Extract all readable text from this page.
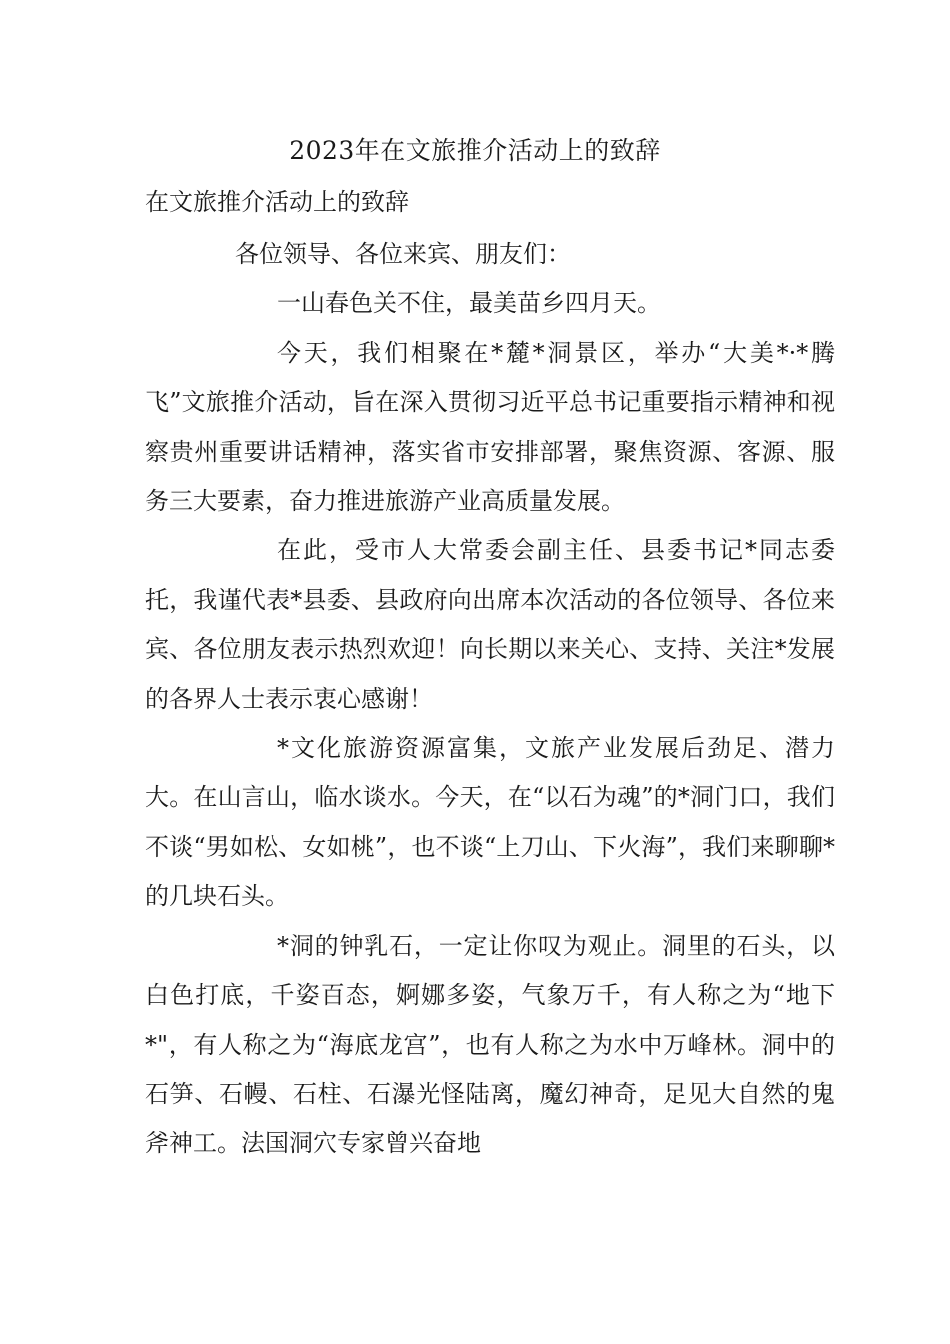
2023年在文旅推介活动上的致辞

在文旅推介活动上的致辞

各位领导、各位来宾、朋友们：

一山春色关不住，最美苗乡四月天。

今天，我们相聚在*麓*洞景区，举办“大美*·*腾飞”文旅推介活动，旨在深入贯彻习近平总书记重要指示精神和视察贵州重要讲话精神，落实省市安排部署，聚焦资源、客源、服务三大要素，奋力推进旅游产业高质量发展。

在此，受市人大常委会副主任、县委书记*同志委托，我谨代表*县委、县政府向出席本次活动的各位领导、各位来宾、各位朋友表示热烈欢迎！向长期以来关心、支持、关注*发展的各界人士表示衷心感谢！

*文化旅游资源富集，文旅产业发展后劲足、潜力大。在山言山，临水谈水。今天，在“以石为魂”的*洞门口，我们不谈“男如松、女如桃”，也不谈“上刀山、下火海”，我们来聊聊*的几块石头。

*洞的钟乳石，一定让你叹为观止。洞里的石头，以白色打底，千姿百态，婀娜多姿，气象万千，有人称之为“地下*"，有人称之为“海底龙宫”，也有人称之为水中万峰林。洞中的石笋、石幔、石柱、石瀑光怪陆离，魔幻神奇，足见大自然的鬼斧神工。法国洞穴专家曾兴奋地
